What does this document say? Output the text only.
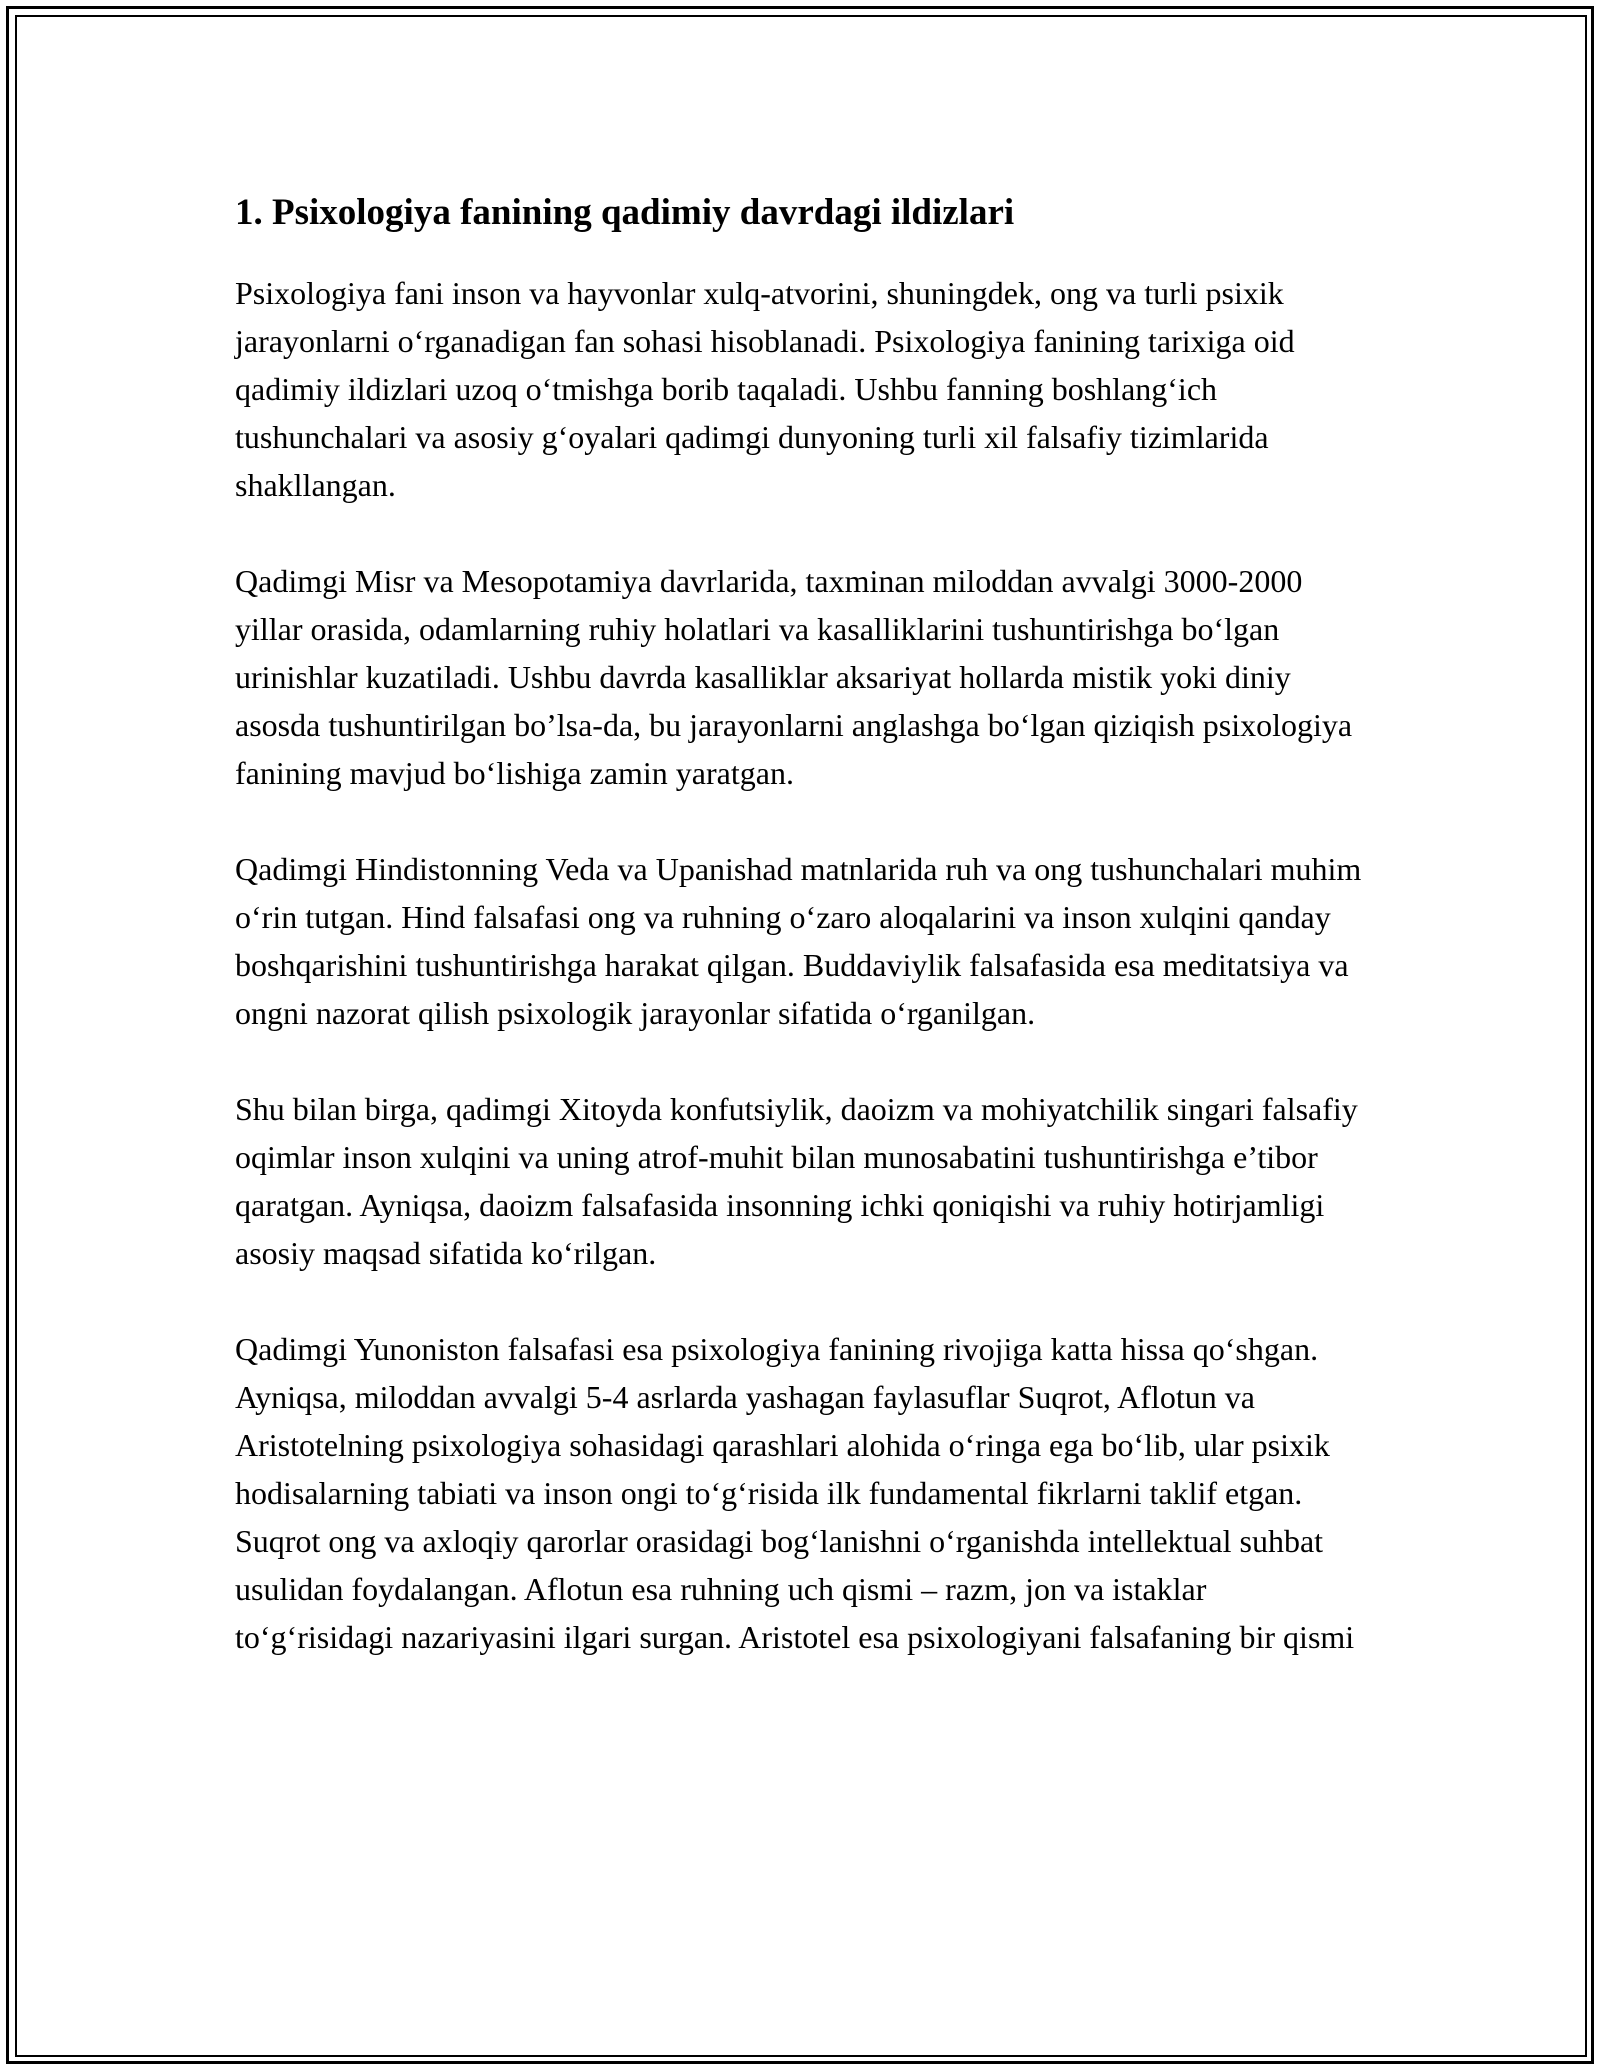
1. Psixologiya fanining qadimiy davrdagi ildizlari

Psixologiya fani inson va hayvonlar xulq-atvorini, shuningdek, ong va turli psixik jarayonlarni o‘rganadigan fan sohasi hisoblanadi. Psixologiya fanining tarixiga oid qadimiy ildizlari uzoq o‘tmishga borib taqaladi. Ushbu fanning boshlang‘ich tushunchalari va asosiy g‘oyalari qadimgi dunyoning turli xil falsafiy tizimlarida shakllangan.

Qadimgi Misr va Mesopotamiya davrlarida, taxminan miloddan avvalgi 3000-2000 yillar orasida, odamlarning ruhiy holatlari va kasalliklarini tushuntirishga bo‘lgan urinishlar kuzatiladi. Ushbu davrda kasalliklar aksariyat hollarda mistik yoki diniy asosda tushuntirilgan bo’lsa-da, bu jarayonlarni anglashga bo‘lgan qiziqish psixologiya fanining mavjud bo‘lishiga zamin yaratgan.

Qadimgi Hindistonning Veda va Upanishad matnlarida ruh va ong tushunchalari muhim o‘rin tutgan. Hind falsafasi ong va ruhning o‘zaro aloqalarini va inson xulqini qanday boshqarishini tushuntirishga harakat qilgan. Buddaviylik falsafasida esa meditatsiya va ongni nazorat qilish psixologik jarayonlar sifatida o‘rganilgan.

Shu bilan birga, qadimgi Xitoyda konfutsiylik, daoizm va mohiyatchilik singari falsafiy oqimlar inson xulqini va uning atrof-muhit bilan munosabatini tushuntirishga e’tibor qaratgan. Ayniqsa, daoizm falsafasida insonning ichki qoniqishi va ruhiy hotirjamligi asosiy maqsad sifatida ko‘rilgan.

Qadimgi Yunoniston falsafasi esa psixologiya fanining rivojiga katta hissa qo‘shgan. Ayniqsa, miloddan avvalgi 5-4 asrlarda yashagan faylasuflar Suqrot, Aflotun va Aristotelning psixologiya sohasidagi qarashlari alohida o‘ringa ega bo‘lib, ular psixik hodisalarning tabiati va inson ongi to‘g‘risida ilk fundamental fikrlarni taklif etgan. Suqrot ong va axloqiy qarorlar orasidagi bog‘lanishni o‘rganishda intellektual suhbat usulidan foydalangan. Aflotun esa ruhning uch qismi – razm, jon va istaklar to‘g‘risidagi nazariyasini ilgari surgan. Aristotel esa psixologiyani falsafaning bir qismi
